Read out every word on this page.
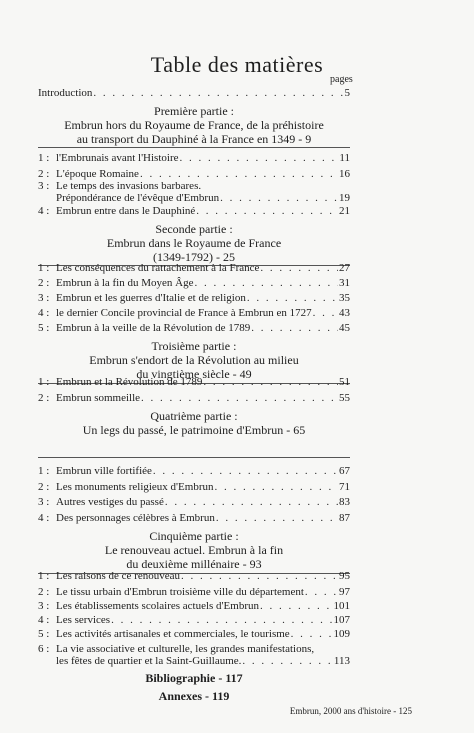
Table des matières
pages
Introduction . . .	5
Première partie :
Embrun hors du Royaume de France, de la préhistoire
au transport du Dauphiné à la France en 1349 - 9
1 : l'Embrunais avant l'Histoire . . .	11
2 : L'époque Romaine . . .	16
3 : Le temps des invasions barbares.
Prépondérance de l'évêque d'Embrun . . .	19
4 : Embrun entre dans le Dauphiné . . .	21
Seconde partie :
Embrun dans le Royaume de France
(1349-1792) - 25
1 : Les conséquences du rattachement à la France . . .	27
2 : Embrun à la fin du Moyen Âge . . .	31
3 : Embrun et les guerres d'Italie et de religion . . .	35
4 : le dernier Concile provincial de France à Embrun en 1727 . . . 43
5 : Embrun à la veille de la Révolution de 1789 . . .	45
Troisième partie :
Embrun s'endort de la Révolution au milieu
du vingtième siècle - 49
1 : Embrun et la Révolution de 1789 . . .	51
2 : Embrun sommeille . . .	55
Quatrième partie :
Un legs du passé, le patrimoine d'Embrun - 65
1 : Embrun ville fortifiée . . .	67
2 : Les monuments religieux d'Embrun . . .	71
3 : Autres vestiges du passé . . .	83
4 : Des personnages célèbres à Embrun . . .	87
Cinquième partie :
Le renouveau actuel. Embrun à la fin
du deuxième millénaire - 93
1 : Les raisons de ce renouveau . . .	95
2 : Le tissu urbain d'Embrun troisième ville du département . . .	97
3 : Les établissements scolaires actuels d'Embrun . . .	101
4 : Les services . . .	107
5 : Les activités artisanales et commerciales, le tourisme . . .	109
6 : La vie associative et culturelle, les grandes manifestations,
les fêtes de quartier et la Saint-Guillaume. . . .	113
Bibliographie - 117
Annexes - 119
Embrun, 2000 ans d'histoire - 125
